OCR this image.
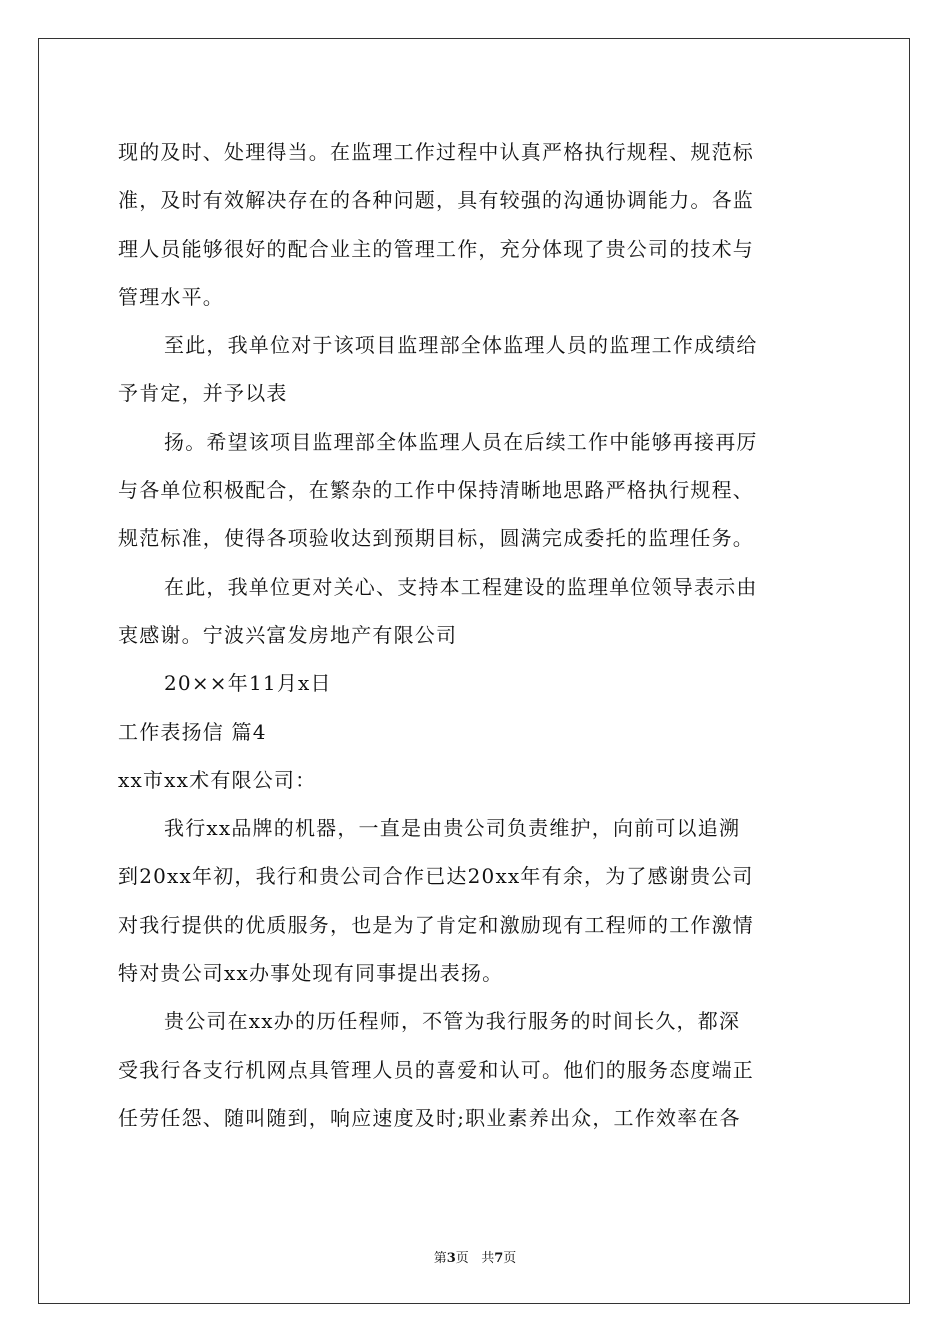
现的及时、处理得当。在监理工作过程中认真严格执行规程、规范标
准，及时有效解决存在的各种问题，具有较强的沟通协调能力。各监
理人员能够很好的配合业主的管理工作，充分体现了贵公司的技术与
管理水平。
至此，我单位对于该项目监理部全体监理人员的监理工作成绩给
予肯定，并予以表
扬。希望该项目监理部全体监理人员在后续工作中能够再接再厉
与各单位积极配合，在繁杂的工作中保持清晰地思路严格执行规程、
规范标准，使得各项验收达到预期目标，圆满完成委托的监理任务。
在此，我单位更对关心、支持本工程建设的监理单位领导表示由
衷感谢。宁波兴富发房地产有限公司
20××年11月x日
工作表扬信 篇4
xx市xx术有限公司：
我行xx品牌的机器，一直是由贵公司负责维护，向前可以追溯
到20xx年初，我行和贵公司合作已达20xx年有余，为了感谢贵公司
对我行提供的优质服务，也是为了肯定和激励现有工程师的工作激情
特对贵公司xx办事处现有同事提出表扬。
贵公司在xx办的历任程师，不管为我行服务的时间长久，都深
受我行各支行机网点具管理人员的喜爱和认可。他们的服务态度端正
任劳任怨、随叫随到，响应速度及时;职业素养出众，工作效率在各
第3页 共7页
